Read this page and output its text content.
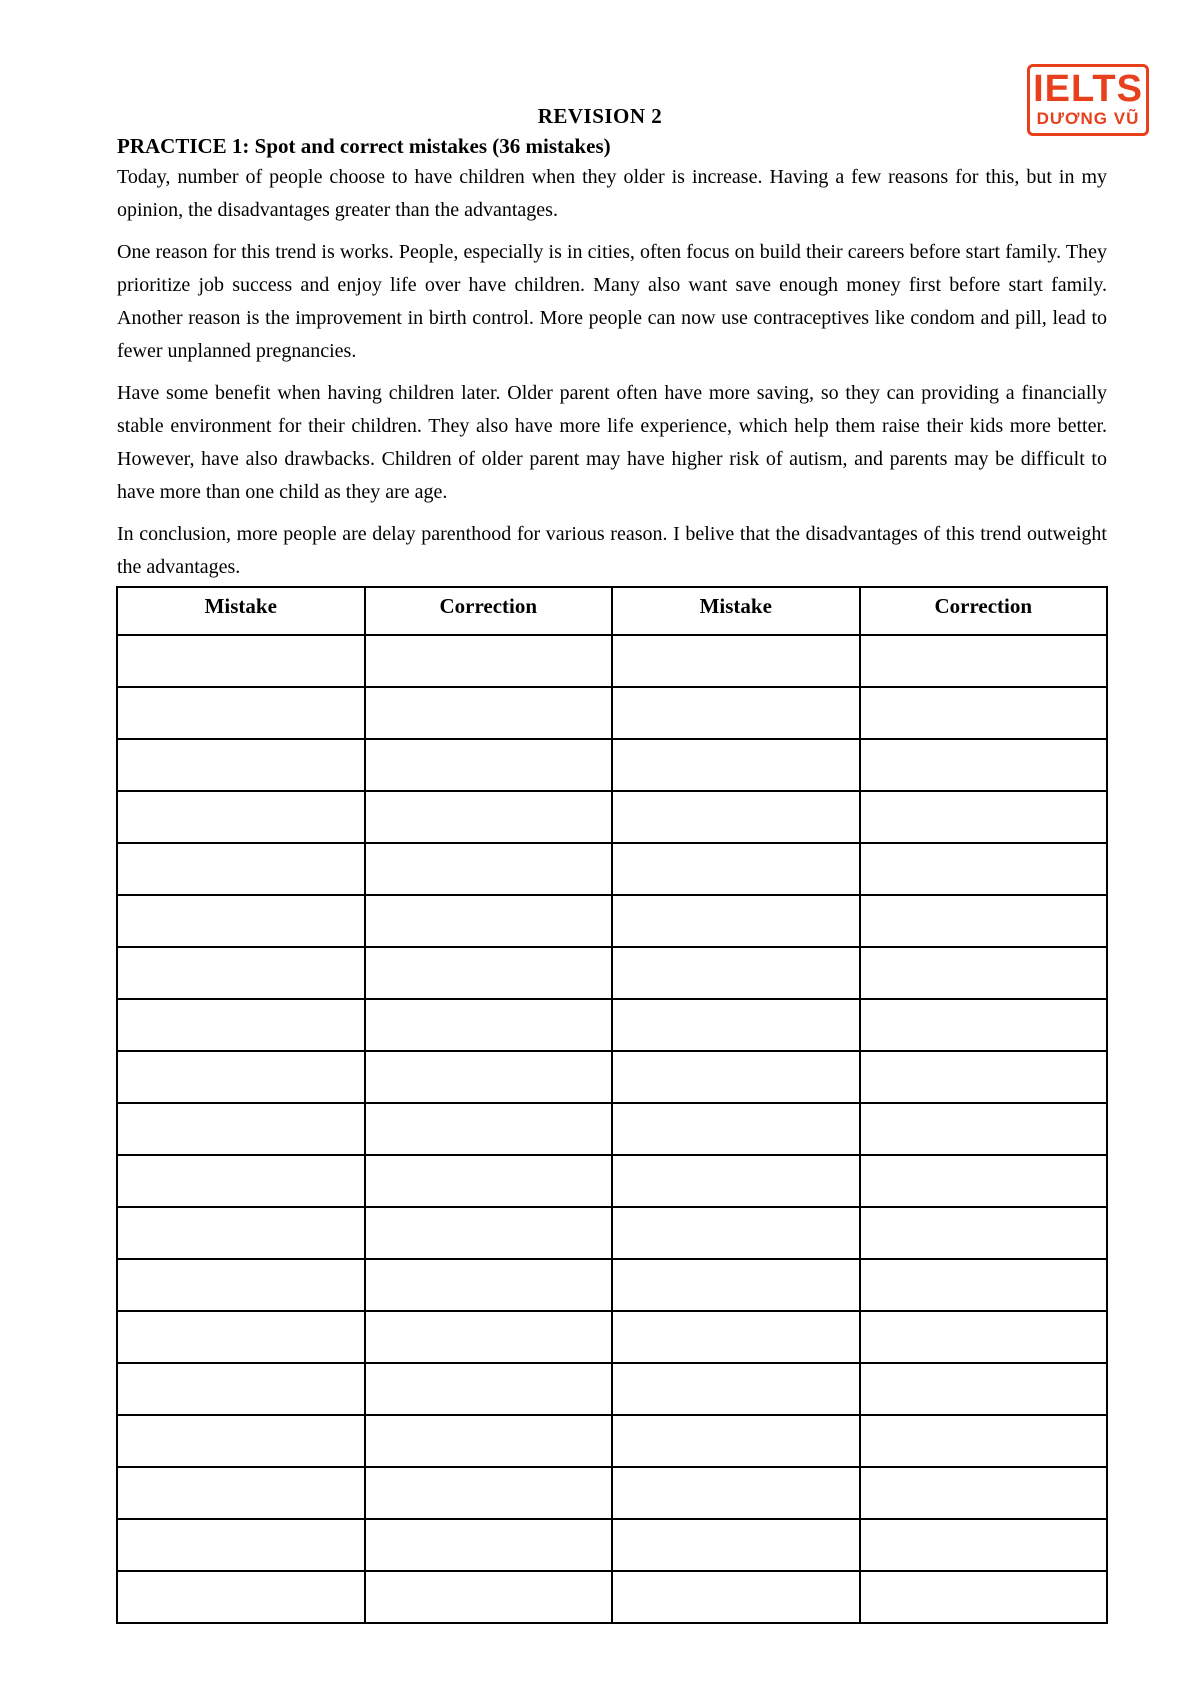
IELTS
DƯƠNG VŨ
REVISION 2
PRACTICE 1: Spot and correct mistakes (36 mistakes)

Today, number of people choose to have children when they older is increase. Having a few reasons for this, but in my opinion, the disadvantages greater than the advantages.

One reason for this trend is works. People, especially is in cities, often focus on build their careers before start family. They prioritize job success and enjoy life over have children. Many also want save enough money first before start family. Another reason is the improvement in birth control. More people can now use contraceptives like condom and pill, lead to fewer unplanned pregnancies.

Have some benefit when having children later. Older parent often have more saving, so they can providing a financially stable environment for their children. They also have more life experience, which help them raise their kids more better. However, have also drawbacks. Children of older parent may have higher risk of autism, and parents may be difficult to have more than one child as they are age.

In conclusion, more people are delay parenthood for various reason. I belive that the disadvantages of this trend outweight the advantages.

Mistake	Correction	Mistake	Correction
